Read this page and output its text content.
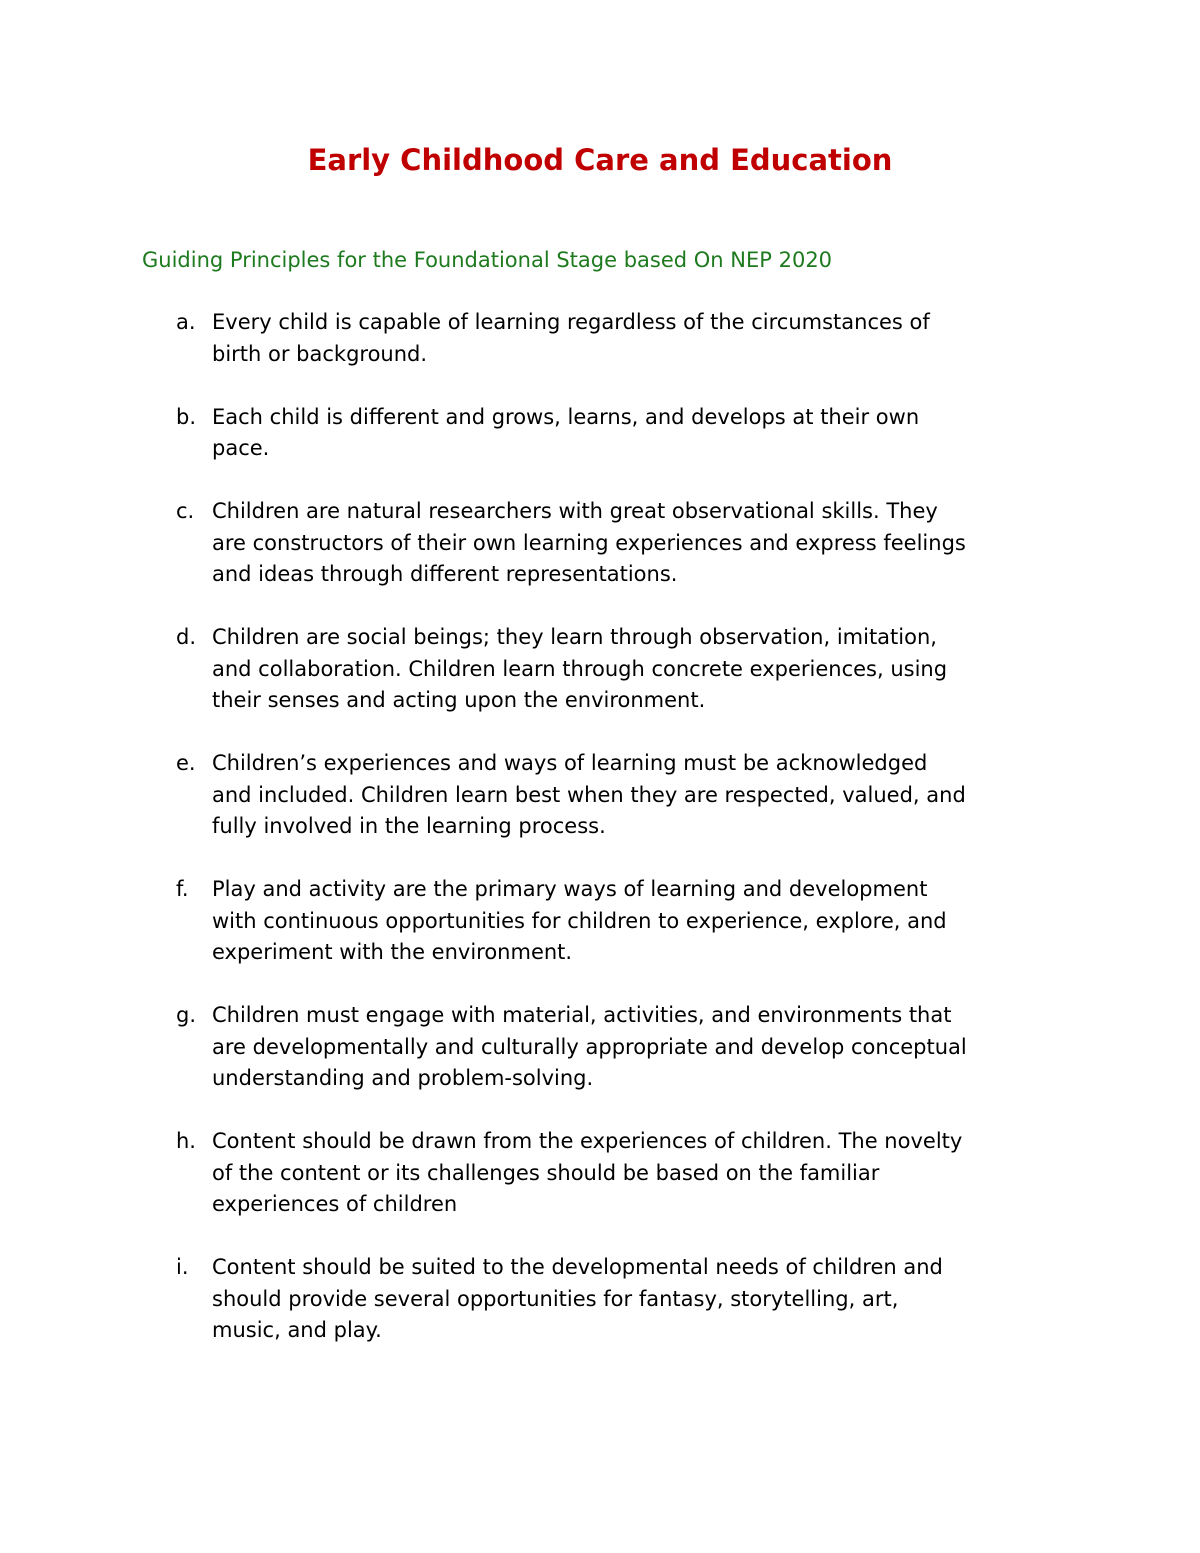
Early Childhood Care and Education

Guiding Principles for the Foundational Stage based On NEP 2020

a. Every child is capable of learning regardless of the circumstances of
birth or background.
b. Each child is different and grows, learns, and develops at their own
pace.
c. Children are natural researchers with great observational skills. They
are constructors of their own learning experiences and express feelings
and ideas through different representations.
d. Children are social beings; they learn through observation, imitation,
and collaboration. Children learn through concrete experiences, using
their senses and acting upon the environment.
e. Children’s experiences and ways of learning must be acknowledged
and included. Children learn best when they are respected, valued, and
fully involved in the learning process.
f. Play and activity are the primary ways of learning and development
with continuous opportunities for children to experience, explore, and
experiment with the environment.
g. Children must engage with material, activities, and environments that
are developmentally and culturally appropriate and develop conceptual
understanding and problem-solving.
h. Content should be drawn from the experiences of children. The novelty
of the content or its challenges should be based on the familiar
experiences of children
i. Content should be suited to the developmental needs of children and
should provide several opportunities for fantasy, storytelling, art,
music, and play.
